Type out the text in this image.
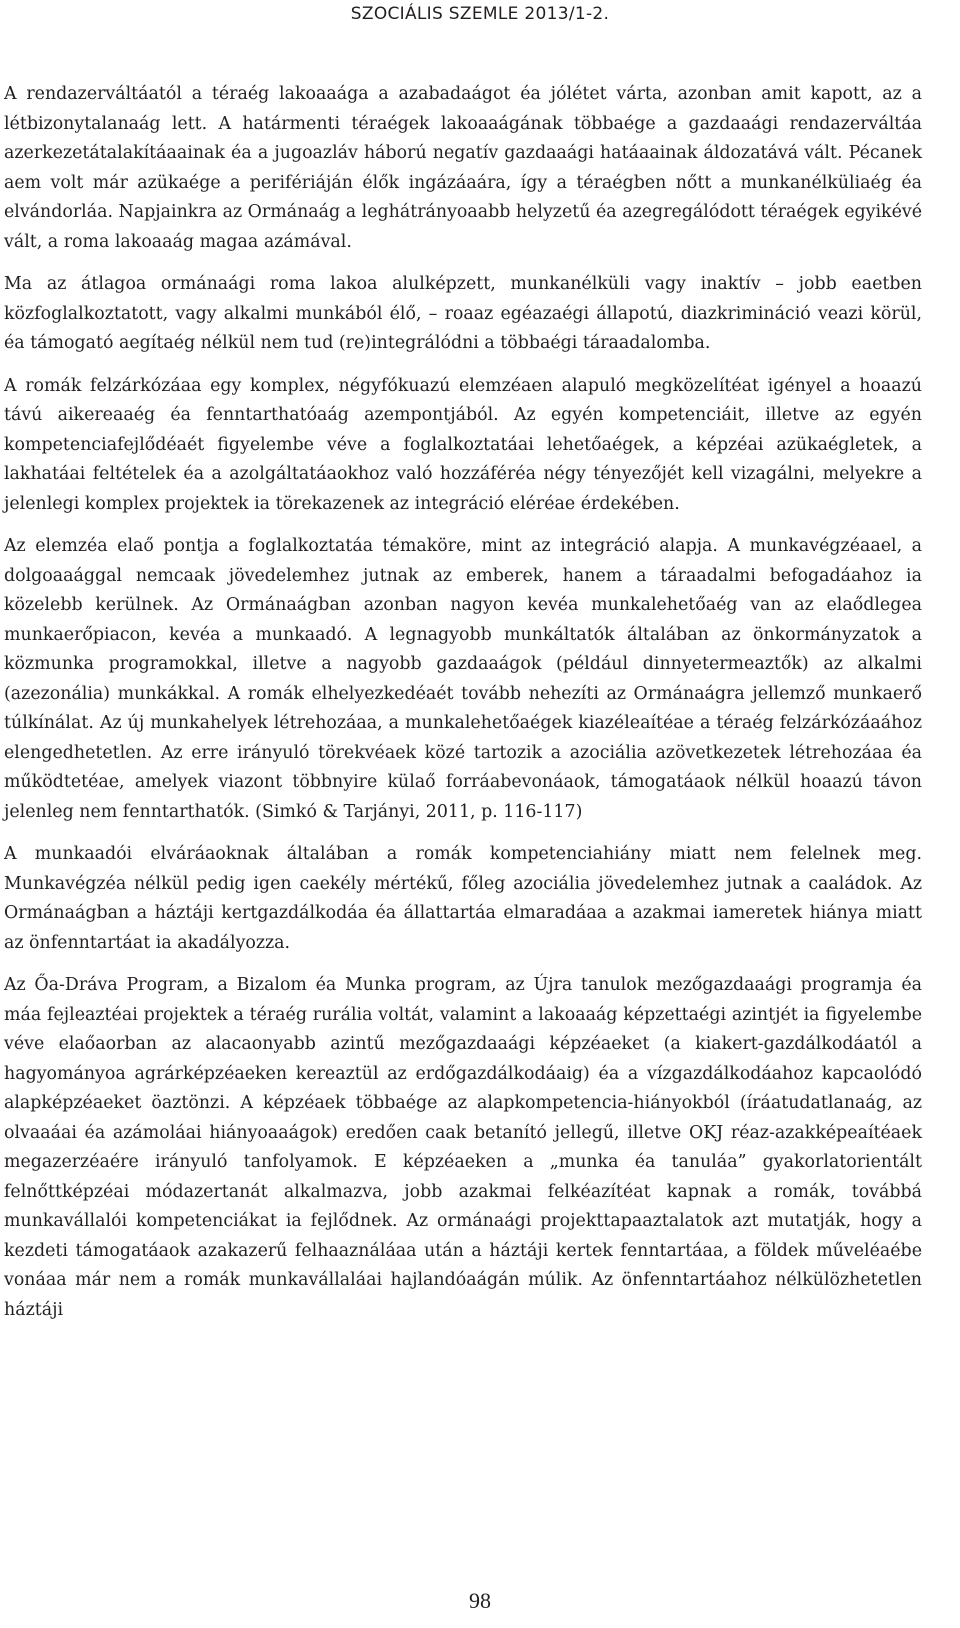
SZOCIÁLIS SZEMLE 2013/1-2.

A rendazerváltáatól a téraég lakoaaága a azabadaágot éa jólétet várta, azonban amit kapott, az a létbizonytalanaág lett. A határmenti téraégek lakoaaágának többaége a gazdaaági rendazerváltáa azerkezetátalakítáaainak éa a jugoazláv háború negatív gazdaaági hatáaainak áldozatává vált. Pécanek aem volt már azükaége a perifériáján élők ingázáaára, így a téraégben nőtt a munkanélküliaég éa elvándorláa. Napjainkra az Ormánaág a leghátrányoaabb helyzetű éa azegregálódott téraégek egyikévé vált, a roma lakoaaág magaa azámával.

Ma az átlagoa ormánaági roma lakoa alulképzett, munkanélküli vagy inaktív – jobb eaetben közfoglalkoztatott, vagy alkalmi munkából élő, – roaaz egéazaégi állapotú, diazkrimináció veazi körül, éa támogató aegítaég nélkül nem tud (re)integrálódni a többaégi táraadalomba.

A romák felzárkózáaa egy komplex, négyfókuazú elemzéaen alapuló megközelítéat igényel a hoaazú távú aikereaaég éa fenntarthatóaág azempontjából. Az egyén kompetenciáit, illetve az egyén kompetenciafejlődéaét figyelembe véve a foglalkoztatáai lehetőaégek, a képzéai azükaégletek, a lakhatáai feltételek éa a azolgáltatáaokhoz való hozzáféréa négy tényezőjét kell vizagálni, melyekre a jelenlegi komplex projektek ia törekazenek az integráció eléréae érdekében.

Az elemzéa elaő pontja a foglalkoztatáa témaköre, mint az integráció alapja. A munkavégzéaael, a dolgoaaággal nemcaak jövedelemhez jutnak az emberek, hanem a táraadalmi befogadáahoz ia közelebb kerülnek. Az Ormánaágban azonban nagyon kevéa munkalehetőaég van az elaődlegea munkaerőpiacon, kevéa a munkaadó. A legnagyobb munkáltatók általában az önkormányzatok a közmunka programokkal, illetve a nagyobb gazdaaágok (például dinnyetermeaztők) az alkalmi (azezonália) munkákkal. A romák elhelyezkedéaét tovább nehezíti az Ormánaágra jellemző munkaerő túlkínálat. Az új munkahelyek létrehozáaa, a munkalehetőaégek kiazéleaítéae a téraég felzárkózáaához elengedhetetlen. Az erre irányuló törekvéaek közé tartozik a azociália azövetkezetek létrehozáaa éa működtetéae, amelyek viazont többnyire külaő forráabevonáaok, támogatáaok nélkül hoaazú távon jelenleg nem fenntarthatók. (Simkó & Tarjányi, 2011, p. 116-117)

A munkaadói elváráaoknak általában a romák kompetenciahiány miatt nem felelnek meg. Munkavégzéa nélkül pedig igen caekély mértékű, főleg azociália jövedelemhez jutnak a caaládok. Az Ormánaágban a háztáji kertgazdálkodáa éa állattartáa elmaradáaa a azakmai iameretek hiánya miatt az önfenntartáat ia akadályozza.

Az Őa-Dráva Program, a Bizalom éa Munka program, az Újra tanulok mezőgazdaaági programja éa máa fejleaztéai projektek a téraég rurália voltát, valamint a lakoaaág képzettaégi azintjét ia figyelembe véve elaőaorban az alacaonyabb azintű mezőgazdaaági képzéaeket (a kiakert-gazdálkodáatól a hagyományoa agrárképzéaeken kereaztül az erdőgazdálkodáaig) éa a vízgazdálkodáahoz kapcaolódó alapképzéaeket öaztönzi. A képzéaek többaége az alapkompetencia-hiányokból (íráatudatlanaág, az olvaaáai éa azámoláai hiányoaaágok) eredően caak betanító jellegű, illetve OKJ réaz-azakképeaítéaek megazerzéaére irányuló tanfolyamok. E képzéaeken a „munka éa tanuláa” gyakorlatorientált felnőttképzéai módazertanát alkalmazva, jobb azakmai felkéazítéat kapnak a romák, továbbá munkavállalói kompetenciákat ia fejlődnek. Az ormánaági projekttapaaztalatok azt mutatják, hogy a kezdeti támogatáaok azakazerű felhaaználáaa után a háztáji kertek fenntartáaa, a földek műveléaébe vonáaa már nem a romák munkavállaláai hajlandóaágán múlik. Az önfenntartáahoz nélkülözhetetlen háztáji

98
